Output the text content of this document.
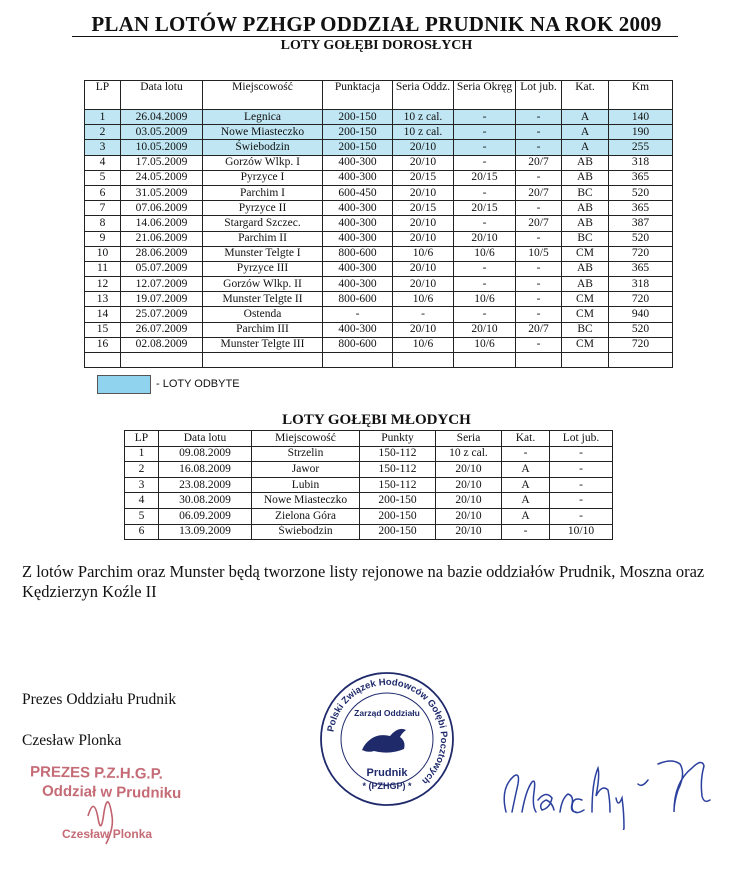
PLAN LOTÓW PZHGP ODDZIAŁ PRUDNIK NA ROK 2009
LOTY GOŁĘBI DOROSŁYCH
LP	Data lotu	Miejscowość	Punktacja	Seria Oddz.	Seria Okręg	Lot jub.	Kat.	Km
1	26.04.2009	Legnica	200-150	10 z cal.	-	-	A	140
2	03.05.2009	Nowe Miasteczko	200-150	10 z cal.	-	-	A	190
3	10.05.2009	Świebodzin	200-150	20/10	-	-	A	255
4	17.05.2009	Gorzów Wlkp. I	400-300	20/10	-	20/7	AB	318
5	24.05.2009	Pyrzyce I	400-300	20/15	20/15	-	AB	365
6	31.05.2009	Parchim I	600-450	20/10	-	20/7	BC	520
7	07.06.2009	Pyrzyce II	400-300	20/15	20/15	-	AB	365
8	14.06.2009	Stargard Szczec.	400-300	20/10	-	20/7	AB	387
9	21.06.2009	Parchim II	400-300	20/10	20/10	-	BC	520
10	28.06.2009	Munster Telgte I	800-600	10/6	10/6	10/5	CM	720
11	05.07.2009	Pyrzyce III	400-300	20/10	-	-	AB	365
12	12.07.2009	Gorzów Wlkp. II	400-300	20/10	-	-	AB	318
13	19.07.2009	Munster Telgte II	800-600	10/6	10/6	-	CM	720
14	25.07.2009	Ostenda	-	-	-	-	CM	940
15	26.07.2009	Parchim III	400-300	20/10	20/10	20/7	BC	520
16	02.08.2009	Munster Telgte III	800-600	10/6	10/6	-	CM	720

- LOTY ODBYTE
LOTY GOŁĘBI MŁODYCH
LP	Data lotu	Miejscowość	Punkty	Seria	Kat.	Lot jub.
1	09.08.2009	Strzelin	150-112	10 z cal.	-	-
2	16.08.2009	Jawor	150-112	20/10	A	-
3	23.08.2009	Lubin	150-112	20/10	A	-
4	30.08.2009	Nowe Miasteczko	200-150	20/10	A	-
5	06.09.2009	Zielona Góra	200-150	20/10	A	-
6	13.09.2009	Świebodzin	200-150	20/10	-	10/10
Z lotów Parchim oraz Munster będą tworzone listy rejonowe na bazie oddziałów Prudnik, Moszna oraz Kędzierzyn Koźle II
Prezes Oddziału Prudnik
Czesław Plonka
PREZES P.Z.H.G.P.
Oddział w Prudniku
Czesław Plonka
Polski Związek Hodowców Gołębi Pocztowych
Zarząd Oddziału
Prudnik
* (PZHGP) *
